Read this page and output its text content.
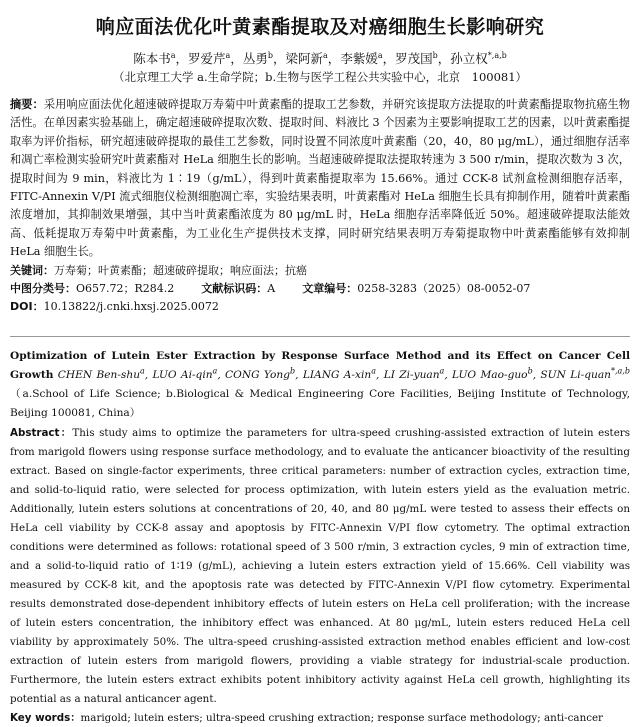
响应面法优化叶黄素酯提取及对癌细胞生长影响研究
陈本书$^a$，罗爱芹$^a$，丛勇$^b$，梁阿新$^a$，李紫媛$^a$，罗茂国$^b$，孙立权$^{*,a,b}$
（北京理工大学 a.生命学院；b.生物与医学工程公共实验中心，北京　100081）
摘要：采用响应面法优化超速破碎提取万寿菊中叶黄素酯的提取工艺参数，并研究该提取方法提取的叶黄素酯提取物抗癌生物活性。在单因素实验基础上，确定超速破碎提取次数、提取时间、料液比 3 个因素为主要影响提取工艺的因素，以叶黄素酯提取率为评价指标，研究超速破碎提取的最佳工艺参数，同时设置不同浓度叶黄素酯（20，40，80 μg/mL），通过细胞存活率和凋亡率检测实验研究叶黄素酯对 HeLa 细胞生长的影响。当超速破碎提取法提取转速为 3 500 r/min，提取次数为 3 次，提取时间为 9 min，料液比为 1∶19（g/mL），得到叶黄素酯提取率为 15.66%。通过 CCK-8 试剂盒检测细胞存活率，FITC-Annexin V/PI 流式细胞仪检测细胞凋亡率，实验结果表明，叶黄素酯对 HeLa 细胞生长具有抑制作用，随着叶黄素酯浓度增加，其抑制效果增强，其中当叶黄素酯浓度为 80 μg/mL 时，HeLa 细胞存活率降低近 50%。超速破碎提取法能效高、低耗提取万寿菊中叶黄素酯，为工业化生产提供技术支撑，同时研究结果表明万寿菊提取物中叶黄素酯能够有效抑制 HeLa 细胞生长。
关键词：万寿菊；叶黄素酯；超速破碎提取；响应面法；抗癌
中图分类号：O657.72；R284.2 文献标识码：A 文章编号：0258-3283（2025）08-0052-07
DOI：10.13822/j.cnki.hxsj.2025.0072
Optimization of Lutein Ester Extraction by Response Surface Method and its Effect on Cancer Cell Growth CHEN Ben-shu$^a$, LUO Ai-qin$^a$, CONG Yong$^b$, LIANG A-xin$^a$, LI Zi-yuan$^a$, LUO Mao-guo$^b$, SUN Li-quan$^{*,a,b}$（a.School of Life Science; b.Biological & Medical Engineering Core Facilities, Beijing Institute of Technology, Beijing 100081, China）
Abstract：This study aims to optimize the parameters for ultra-speed crushing-assisted extraction of lutein esters from marigold flowers using response surface methodology, and to evaluate the anticancer bioactivity of the resulting extract. Based on single-factor experiments, three critical parameters: number of extraction cycles, extraction time, and solid-to-liquid ratio, were selected for process optimization, with lutein esters yield as the evaluation metric. Additionally, lutein esters solutions at concentrations of 20, 40, and 80 μg/mL were tested to assess their effects on HeLa cell viability by CCK-8 assay and apoptosis by FITC-Annexin V/PI flow cytometry. The optimal extraction conditions were determined as follows: rotational speed of 3 500 r/min, 3 extraction cycles, 9 min of extraction time, and a solid-to-liquid ratio of 1∶19 (g/mL), achieving a lutein esters extraction yield of 15.66%. Cell viability was measured by CCK-8 kit, and the apoptosis rate was detected by FITC-Annexin V/PI flow cytometry. Experimental results demonstrated dose-dependent inhibitory effects of lutein esters on HeLa cell proliferation; with the increase of lutein esters concentration, the inhibitory effect was enhanced. At 80 μg/mL, lutein esters reduced HeLa cell viability by approximately 50%. The ultra-speed crushing-assisted extraction method enables efficient and low-cost extraction of lutein esters from marigold flowers, providing a viable strategy for industrial-scale production. Furthermore, the lutein esters extract exhibits potent inhibitory activity against HeLa cell growth, highlighting its potential as a natural anticancer agent.
Key words：marigold; lutein esters; ultra-speed crushing extraction; response surface methodology; anti-cancer
